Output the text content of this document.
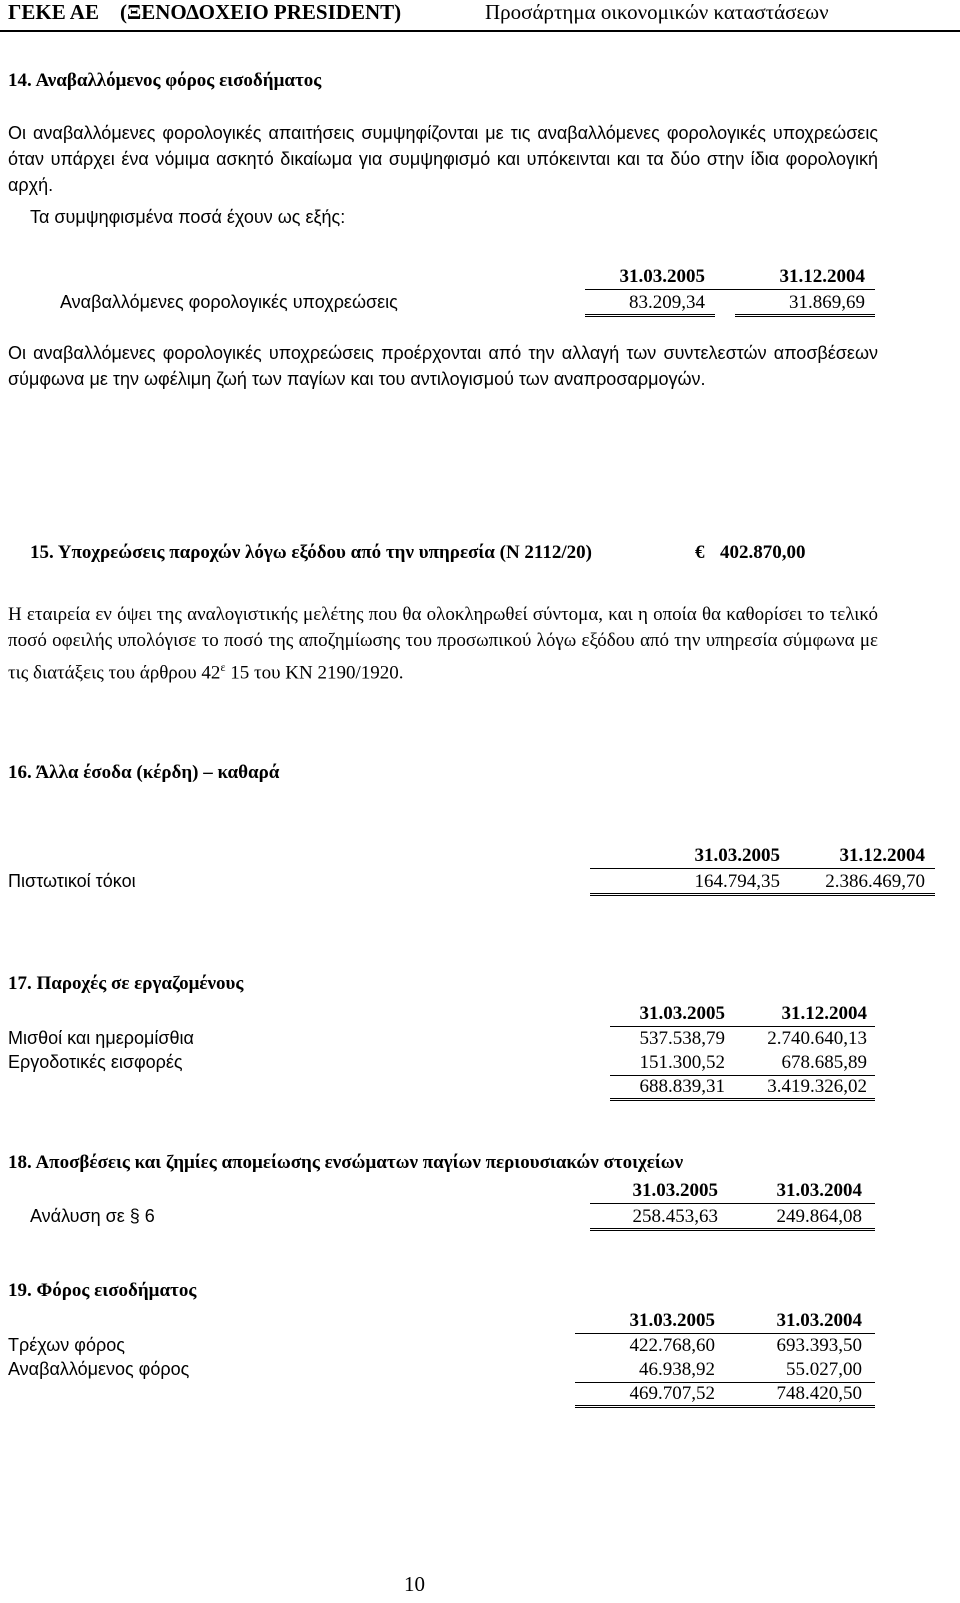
ΓΕΚΕ ΑΕ (ΞΕΝΟΔΟΧΕΙΟ PRESIDENT)	Προσάρτημα οικονομικών καταστάσεων
14. Αναβαλλόμενος φόρος εισοδήματος
Οι αναβαλλόμενες φορολογικές απαιτήσεις συμψηφίζονται με τις αναβαλλόμενες φορολογικές υποχρεώσεις όταν υπάρχει ένα νόμιμα ασκητό δικαίωμα για συμψηφισμό και υπόκεινται και τα δύο στην ίδια φορολογική αρχή.
Τα συμψηφισμένα ποσά έχουν ως εξής:
31.03.2005	31.12.2004
Αναβαλλόμενες φορολογικές υποχρεώσεις	83.209,34	31.869,69
Οι αναβαλλόμενες φορολογικές υποχρεώσεις προέρχονται από την αλλαγή των συντελεστών αποσβέσεων σύμφωνα με την ωφέλιμη ζωή των παγίων και του αντιλογισμού των αναπροσαρμογών.
15. Υποχρεώσεις παροχών λόγω εξόδου από την υπηρεσία (Ν 2112/20)	€ 402.870,00
Η εταιρεία εν όψει της αναλογιστικής μελέτης που θα ολοκληρωθεί σύντομα, και η οποία θα καθορίσει το τελικό ποσό οφειλής υπολόγισε το ποσό της αποζημίωσης του προσωπικού λόγω εξόδου από την υπηρεσία σύμφωνα με τις διατάξεις του άρθρου $42^\varepsilon$ 15 του ΚΝ 2190/1920.
16. Άλλα έσοδα (κέρδη) – καθαρά
31.03.2005	31.12.2004
Πιστωτικοί τόκοι	164.794,35	2.386.469,70
17. Παροχές σε εργαζομένους
31.03.2005	31.12.2004
Μισθοί και ημερομίσθια	537.538,79	2.740.640,13
Εργοδοτικές εισφορές	151.300,52	678.685,89
688.839,31	3.419.326,02
18. Αποσβέσεις και ζημίες απομείωσης ενσώματων παγίων περιουσιακών στοιχείων
31.03.2005	31.03.2004
Ανάλυση σε § 6	258.453,63	249.864,08
19. Φόρος εισοδήματος
31.03.2005	31.03.2004
Τρέχων φόρος	422.768,60	693.393,50
Αναβαλλόμενος φόρος	46.938,92	55.027,00
469.707,52	748.420,50
10
